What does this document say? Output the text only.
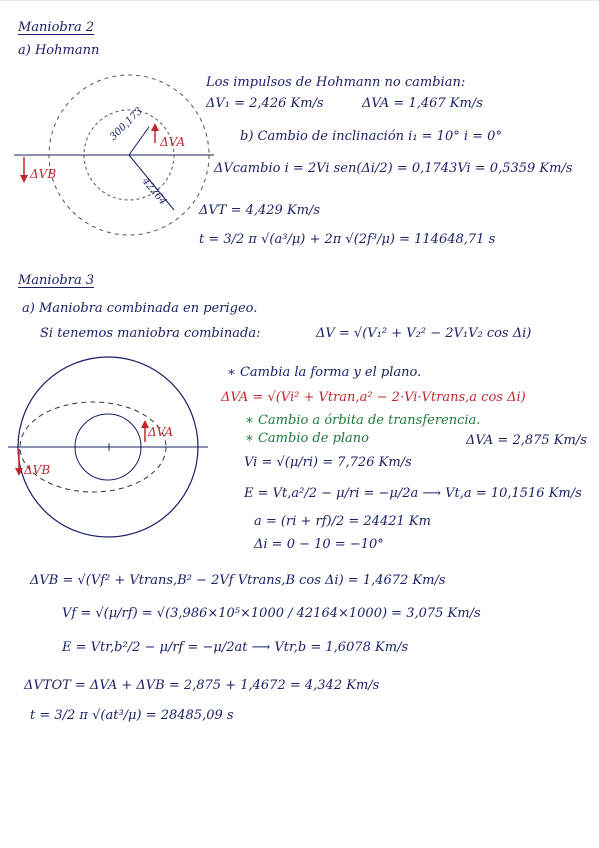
Maniobra 2
a) Hohmann
300,173 ΔVA
ΔVB
42264
Los impulsos de Hohmann no cambian:
ΔV₁ = 2,426 Km/s	ΔVA = 1,467 Km/s
b) Cambio de inclinación i₁ = 10° i = 0°
ΔVcambio i = 2Vi sen(Δi/2) = 0,1743Vi = 0,5359 Km/s
ΔVT = 4,429 Km/s
t = 3/2 π √(a³/μ) + 2π √(2f³/μ) = 114648,71 s
Maniobra 3
a) Maniobra combinada en perigeo.
Si tenemos maniobra combinada:	ΔV = √(V₁² + V₂² − 2V₁V₂ cos Δi)
+
ΔVA
ΔVB
∗ Cambia la forma y el plano.
ΔVA = √(Vi² + Vtran,a² − 2·Vi·Vtrans,a cos Δi)
∗ Cambio a órbita de transferencia.
∗ Cambio de plano	ΔVA = 2,875 Km/s
Vi = √(μ/ri) = 7,726 Km/s
E = Vt,a²/2 − μ/ri = −μ/2a ⟶ Vt,a = 10,1516 Km/s
a = (ri + rf)/2 = 24421 Km
Δi = 0 − 10 = −10°
ΔVB = √(Vf² + Vtrans,B² − 2Vf Vtrans,B cos Δi) = 1,4672 Km/s
Vf = √(μ/rf) = √(3,986×10⁵×1000 / 42164×1000) = 3,075 Km/s
E = Vtr,b²/2 − μ/rf = −μ/2at ⟶ Vtr,b = 1,6078 Km/s
ΔVTOT = ΔVA + ΔVB = 2,875 + 1,4672 = 4,342 Km/s
t = 3/2 π √(at³/μ) = 28485,09 s
